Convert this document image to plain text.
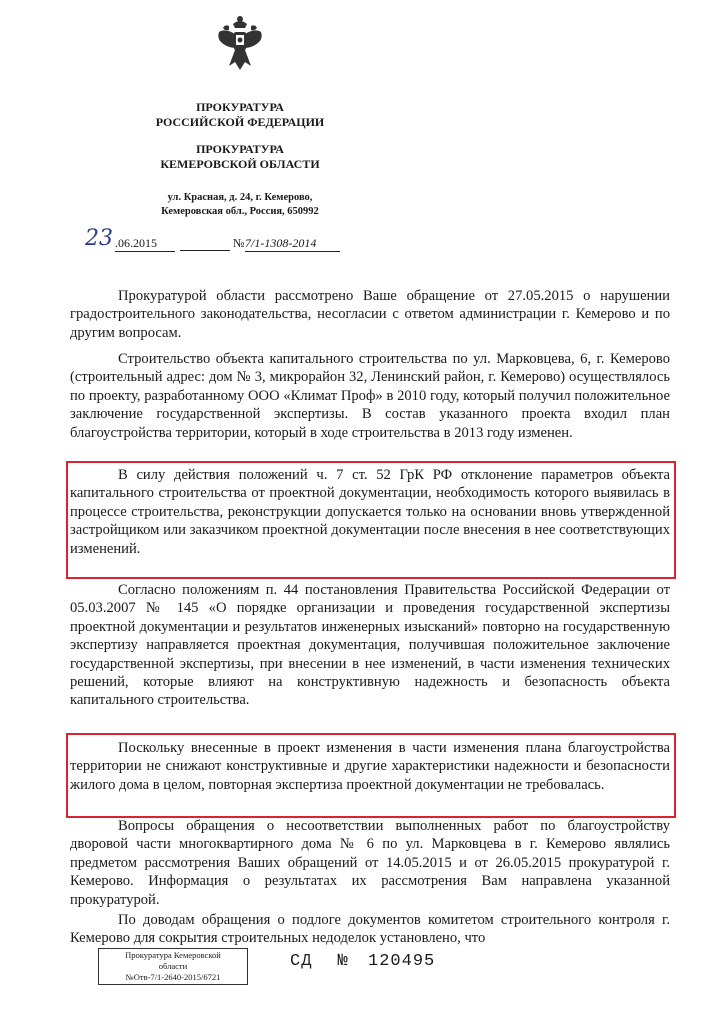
ПРОКУРАТУРА
РОССИЙСКОЙ ФЕДЕРАЦИИ
ПРОКУРАТУРА
КЕМЕРОВСКОЙ ОБЛАСТИ
ул. Красная, д. 24, г. Кемерово,
Кемеровская обл., Россия, 650992
23 .06.2015	№ 7/1-1308-2014

Прокуратурой области рассмотрено Ваше обращение от 27.05.2015 о нарушении градостроительного законодательства, несогласии с ответом администрации г. Кемерово и по другим вопросам.

Строительство объекта капитального строительства по ул. Марковцева, 6, г. Кемерово (строительный адрес: дом № 3, микрорайон 32, Ленинский район, г. Кемерово) осуществлялось по проекту, разработанному ООО «Климат Проф» в 2010 году, который получил положительное заключение государственной экспертизы. В состав указанного проекта входил план благоустройства территории, который в ходе строительства в 2013 году изменен.

В силу действия положений ч. 7 ст. 52 ГрК РФ отклонение параметров объекта капитального строительства от проектной документации, необходимость которого выявилась в процессе строительства, реконструкции допускается только на основании вновь утвержденной застройщиком или заказчиком проектной документации после внесения в нее соответствующих изменений.

Согласно положениям п. 44 постановления Правительства Российской Федерации от 05.03.2007 № 145 «О порядке организации и проведения государственной экспертизы проектной документации и результатов инженерных изысканий» повторно на государственную экспертизу направляется проектная документация, получившая положительное заключение государственной экспертизы, при внесении в нее изменений, в части изменения технических решений, которые влияют на конструктивную надежность и безопасность объекта капитального строительства.

Поскольку внесенные в проект изменения в части изменения плана благоустройства территории не снижают конструктивные и другие характеристики надежности и безопасности жилого дома в целом, повторная экспертиза проектной документации не требовалась.

Вопросы обращения о несоответствии выполненных работ по благоустройству дворовой части многоквартирного дома № 6 по ул. Марковцева в г. Кемерово являлись предметом рассмотрения Ваших обращений от 14.05.2015 и от 26.05.2015 прокуратурой г. Кемерово. Информация о результатах их рассмотрения Вам направлена указанной прокуратурой.

По доводам обращения о подлоге документов комитетом строительного контроля г. Кемерово для сокрытия строительных недоделок установлено, что

Прокуратура Кемеровской
области
№Отв-7/1-2640-2015/6721
СД № 120495
